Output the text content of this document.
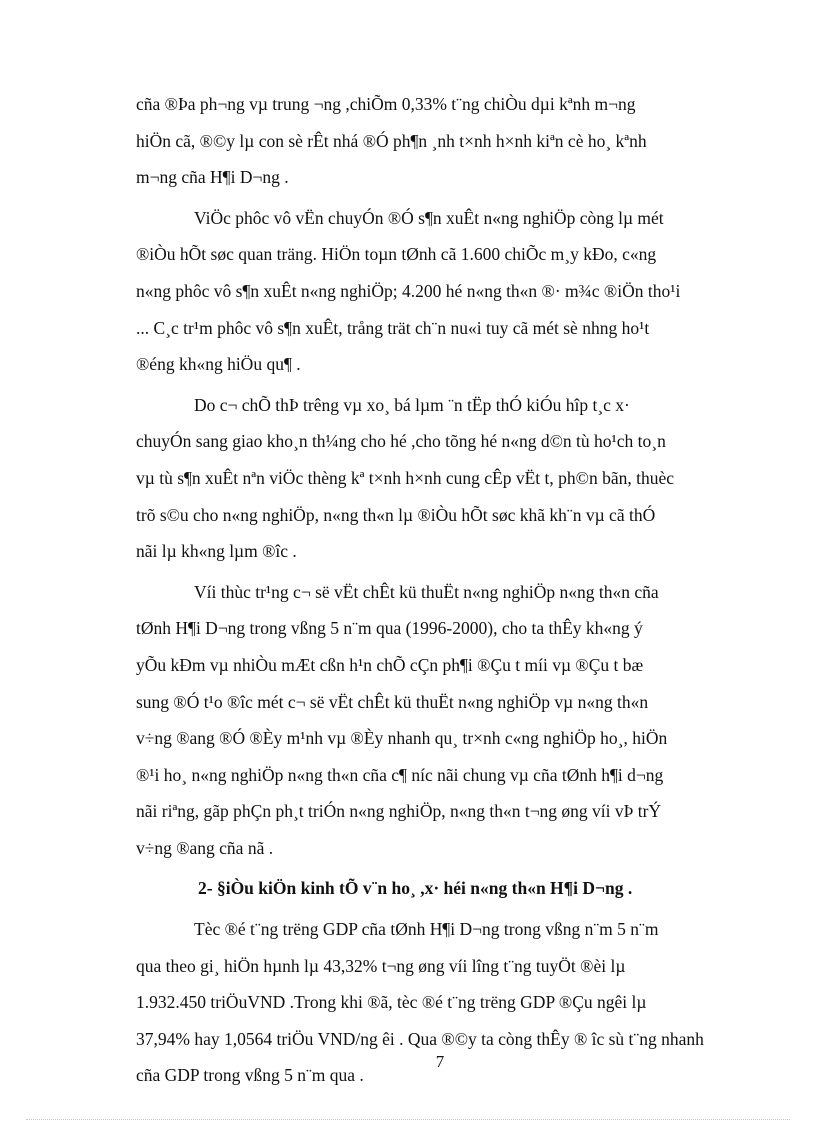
cña ®Þa ph¬ng vµ trung ¬ng ,chiÕm 0,33% t¨ng chiÒu dµi kªnh m¬ng
hiÖn cã, ®©y lµ con sè rÊt nhá ®Ó ph¶n ¸nh t×nh h×nh kiªn cè ho¸ kªnh
m¬ng cña H¶i D¬ng .
ViÖc phôc vô vËn chuyÓn ®Ó s¶n xuÊt n«ng nghiÖp còng lµ mét
®iÒu hÕt søc quan träng. HiÖn toµn tØnh cã 1.600 chiÕc m¸y kÐo, c«ng
n«ng phôc vô s¶n xuÊt n«ng nghiÖp; 4.200 hé n«ng th«n ®· m¾c ®iÖn tho¹i
... C¸c tr¹m phôc vô s¶n xuÊt, trång trät ch¨n nu«i tuy cã mét sè nhng ho¹t
®éng kh«ng hiÖu qu¶ .
Do c¬ chÕ thÞ trêng vµ xo¸ bá lµm ¨n tËp thÓ kiÓu hîp t¸c x·
chuyÓn sang giao kho¸n th¼ng cho hé ,cho tõng hé n«ng d©n tù ho¹ch to¸n
vµ tù s¶n xuÊt nªn viÖc thèng kª t×nh h×nh cung cÊp vËt t, ph©n bãn, thuèc
trõ s©u cho n«ng nghiÖp, n«ng th«n lµ ®iÒu hÕt søc khã kh¨n vµ cã thÓ
nãi lµ kh«ng lµm ®îc .
Víi thùc tr¹ng c¬ së vËt chÊt kü thuËt n«ng nghiÖp n«ng th«n cña
tØnh H¶i D¬ng trong vßng 5 n¨m qua (1996-2000), cho ta thÊy kh«ng ý
yÕu kÐm vµ nhiÒu mÆt cßn h¹n chÕ cÇn ph¶i ®Çu t míi vµ ®Çu t bæ
sung ®Ó t¹o ®îc mét c¬ së vËt chÊt kü thuËt n«ng nghiÖp vµ n«ng th«n
v÷ng ®ang ®Ó ®Èy m¹nh vµ ®Èy nhanh qu¸ tr×nh c«ng nghiÖp ho¸, hiÖn
®¹i ho¸ n«ng nghiÖp n«ng th«n cña c¶ níc nãi chung vµ cña tØnh h¶i d¬ng
nãi riªng, gãp phÇn ph¸t triÓn n«ng nghiÖp, n«ng th«n t¬ng øng víi vÞ trÝ
v÷ng ®ang cña nã .
2- §iÒu kiÖn kinh tÕ v¨n ho¸ ,x· héi n«ng th«n H¶i D¬ng .
Tèc ®é t¨ng trëng GDP cña tØnh H¶i D¬ng trong vßng n¨m 5 n¨m
qua theo gi¸ hiÖn hµnh lµ 43,32% t¬ng øng víi lîng t¨ng tuyÖt ®èi lµ
1.932.450 triÖuVND .Trong khi ®ã, tèc ®é t¨ng trëng GDP ®Çu ngêi lµ
37,94% hay 1,0564 triÖu VND/ng êi . Qua ®©y ta còng thÊy ® îc sù t¨ng nhanh
cña GDP trong vßng 5 n¨m qua .
7
